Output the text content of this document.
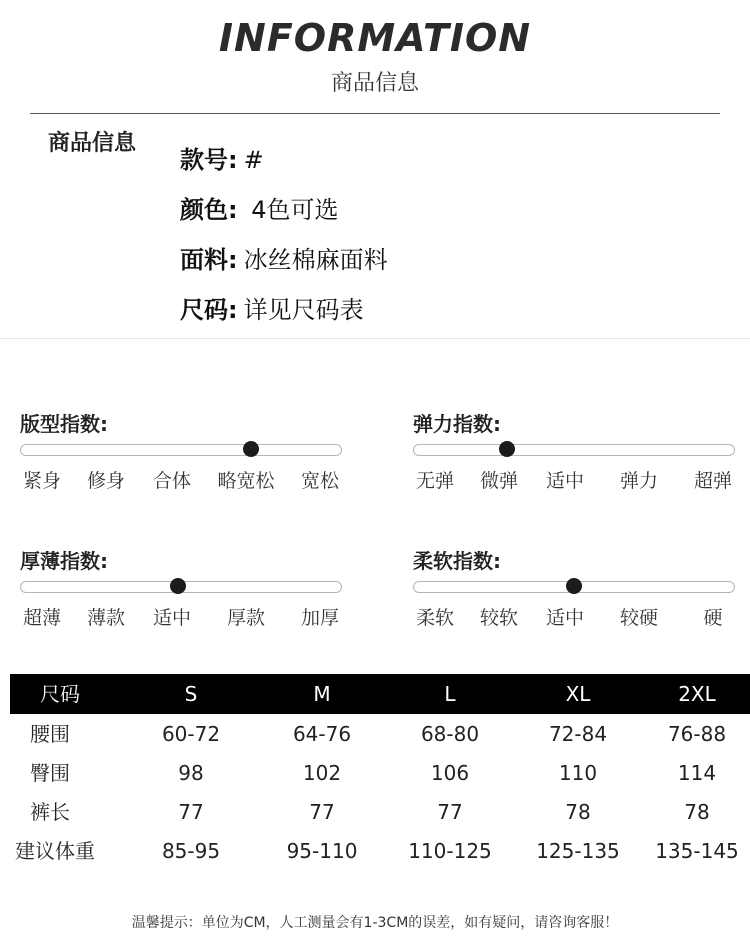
INFORMATION
商品信息
商品信息
款号: #
颜色: 4色可选
面料: 冰丝棉麻面料
尺码: 详见尺码表
版型指数:
紧身 修身 合体 略宽松 宽松
弹力指数:
无弹 微弹 适中 弹力 超弹
厚薄指数:
超薄 薄款 适中 厚款 加厚
柔软指数:
柔软 较软 适中 较硬 硬
尺码	S	M	L	XL	2XL
腰围	60-72	64-76	68-80	72-84	76-88
臀围	98	102	106	110	114
裤长	77	77	77	78	78
建议体重	85-95	95-110	110-125 125-135 135-145
温馨提示：单位为CM，人工测量会有1-3CM的误差，如有疑问，请咨询客服！
